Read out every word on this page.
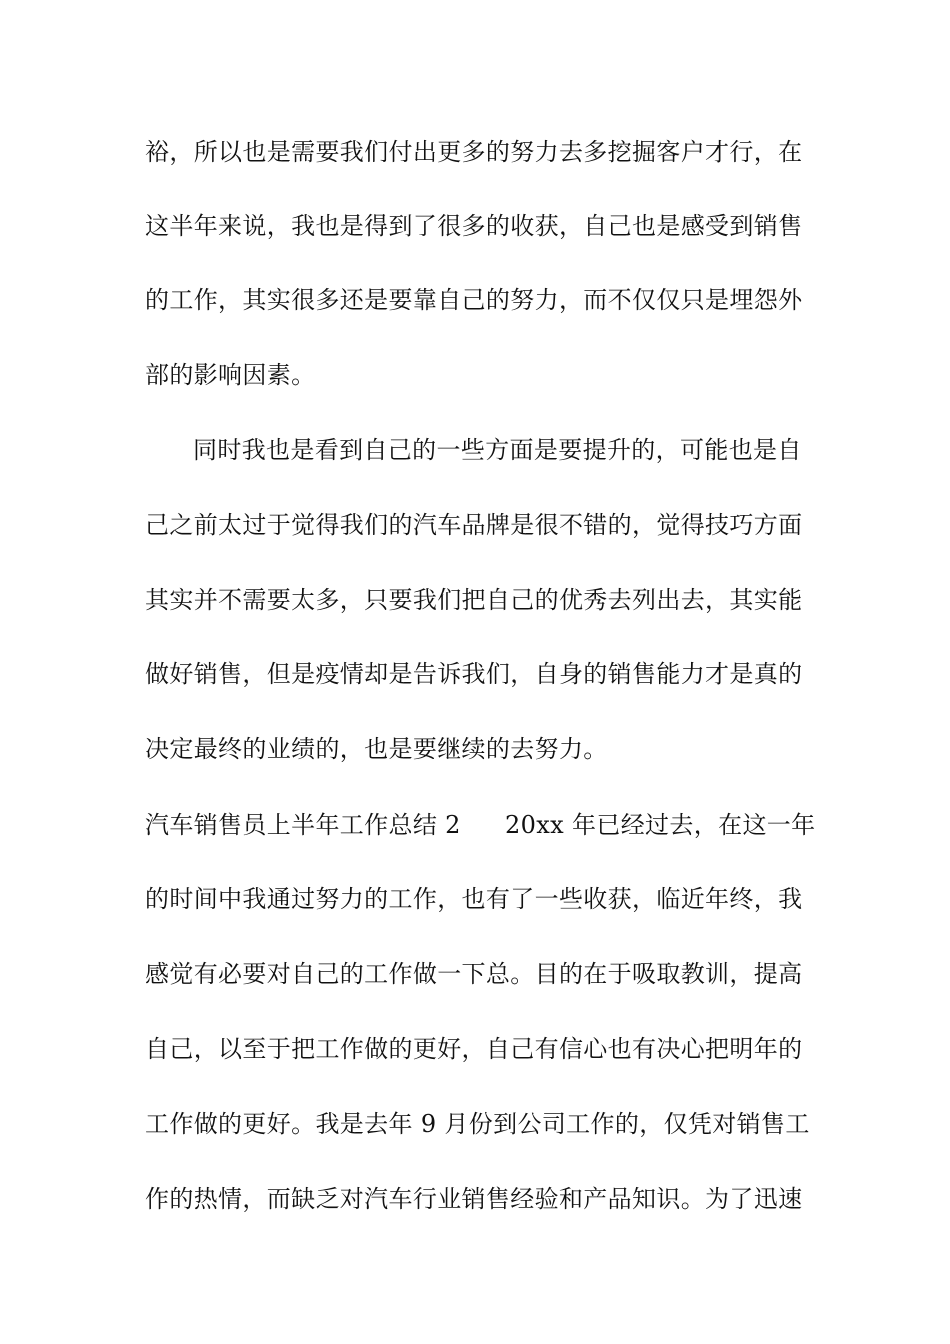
裕，所以也是需要我们付出更多的努力去多挖掘客户才行，在

这半年来说，我也是得到了很多的收获，自己也是感受到销售

的工作，其实很多还是要靠自己的努力，而不仅仅只是埋怨外

部的影响因素。

同时我也是看到自己的一些方面是要提升的，可能也是自

己之前太过于觉得我们的汽车品牌是很不错的，觉得技巧方面

其实并不需要太多，只要我们把自己的优秀去列出去，其实能

做好销售，但是疫情却是告诉我们，自身的销售能力才是真的

决定最终的业绩的，也是要继续的去努力。

汽车销售员上半年工作总结 2 20xx 年已经过去，在这一年

的时间中我通过努力的工作，也有了一些收获，临近年终，我

感觉有必要对自己的工作做一下总。目的在于吸取教训，提高

自己，以至于把工作做的更好，自己有信心也有决心把明年的

工作做的更好。我是去年 9 月份到公司工作的，仅凭对销售工

作的热情，而缺乏对汽车行业销售经验和产品知识。为了迅速
